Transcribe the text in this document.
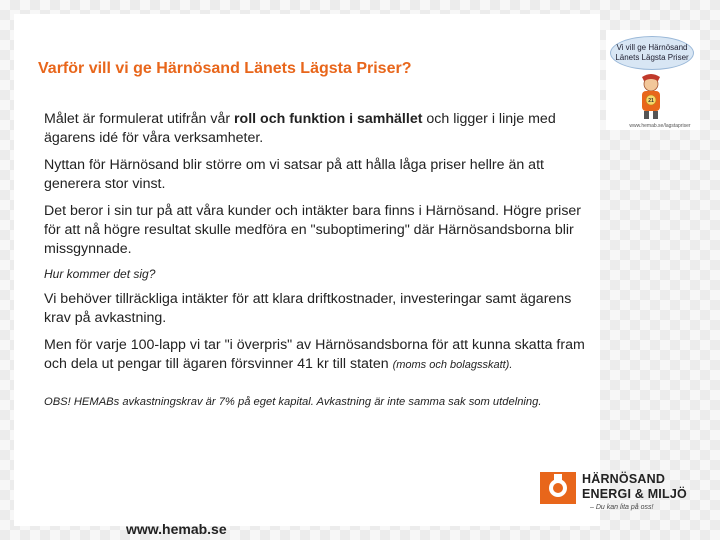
Varför vill vi ge Härnösand Länets Lägsta Priser?

Målet är formulerat utifrån vår roll och funktion i samhället och ligger i linje med ägarens idé för våra verksamheter.

Nyttan för Härnösand blir större om vi satsar på att hålla låga priser hellre än att generera stor vinst.

Det beror i sin tur på att våra kunder och intäkter bara finns i Härnösand. Högre priser för att nå högre resultat skulle medföra en "suboptimering" där Härnösandsborna blir missgynnade.

Hur kommer det sig?

Vi behöver tillräckliga intäkter för att klara driftkostnader, investeringar samt ägarens krav på avkastning.

Men för varje 100-lapp vi tar "i överpris" av Härnösandsborna för att kunna skatta fram och dela ut pengar till ägaren försvinner 41 kr till staten (moms och bolagsskatt).

OBS! HEMABs avkastningskrav är 7% på eget kapital. Avkastning är inte samma sak som utdelning.

Vi vill ge Härnösand
Länets Lägsta Priser
21
www.hemab.se/lagstapriser
HÄRNÖSAND
ENERGI & MILJÖ
– Du kan lita på oss!
www.hemab.se
